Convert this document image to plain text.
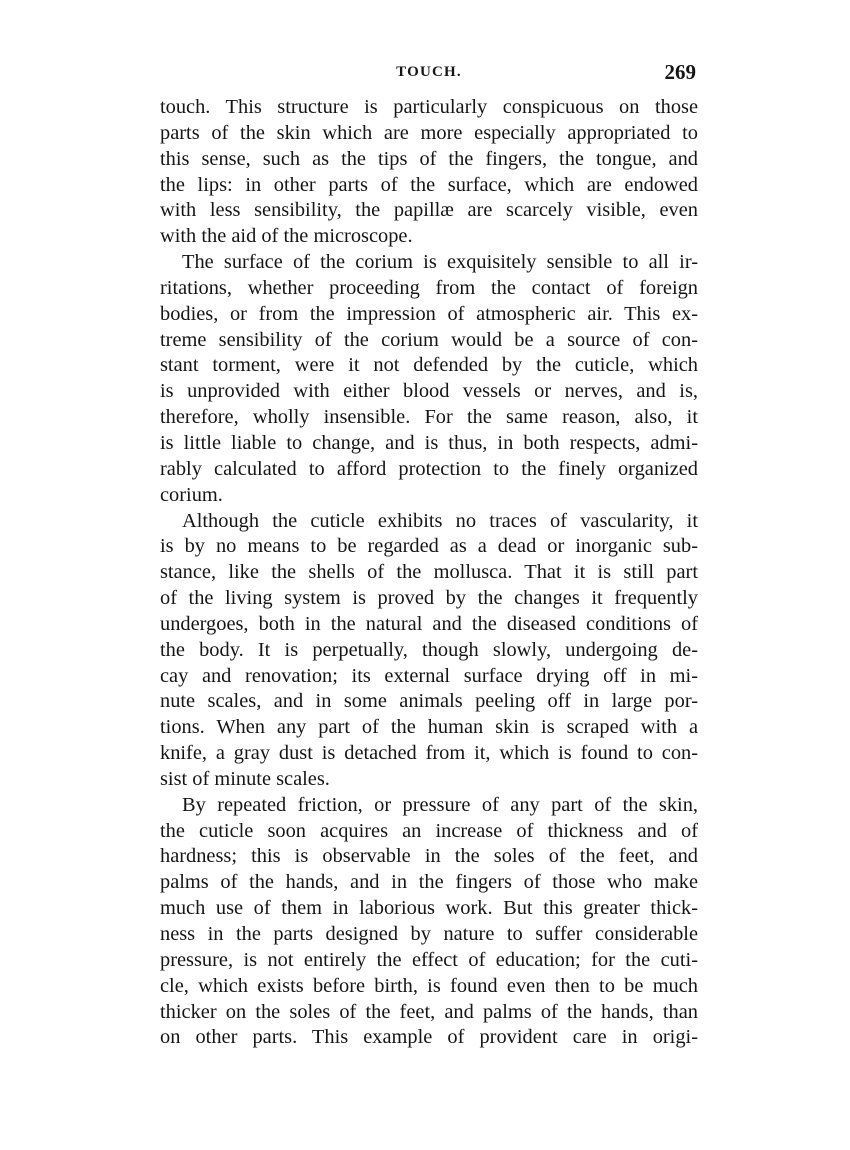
TOUCH.	269
touch. This structure is particularly conspicuous on those
parts of the skin which are more especially appropriated to
this sense, such as the tips of the fingers, the tongue, and
the lips: in other parts of the surface, which are endowed
with less sensibility, the papillæ are scarcely visible, even
with the aid of the microscope.
The surface of the corium is exquisitely sensible to all ir-
ritations, whether proceeding from the contact of foreign
bodies, or from the impression of atmospheric air. This ex-
treme sensibility of the corium would be a source of con-
stant torment, were it not defended by the cuticle, which
is unprovided with either blood vessels or nerves, and is,
therefore, wholly insensible. For the same reason, also, it
is little liable to change, and is thus, in both respects, admi-
rably calculated to afford protection to the finely organized
corium.
Although the cuticle exhibits no traces of vascularity, it
is by no means to be regarded as a dead or inorganic sub-
stance, like the shells of the mollusca. That it is still part
of the living system is proved by the changes it frequently
undergoes, both in the natural and the diseased conditions of
the body. It is perpetually, though slowly, undergoing de-
cay and renovation; its external surface drying off in mi-
nute scales, and in some animals peeling off in large por-
tions. When any part of the human skin is scraped with a
knife, a gray dust is detached from it, which is found to con-
sist of minute scales.
By repeated friction, or pressure of any part of the skin,
the cuticle soon acquires an increase of thickness and of
hardness; this is observable in the soles of the feet, and
palms of the hands, and in the fingers of those who make
much use of them in laborious work. But this greater thick-
ness in the parts designed by nature to suffer considerable
pressure, is not entirely the effect of education; for the cuti-
cle, which exists before birth, is found even then to be much
thicker on the soles of the feet, and palms of the hands, than
on other parts. This example of provident care in origi-
